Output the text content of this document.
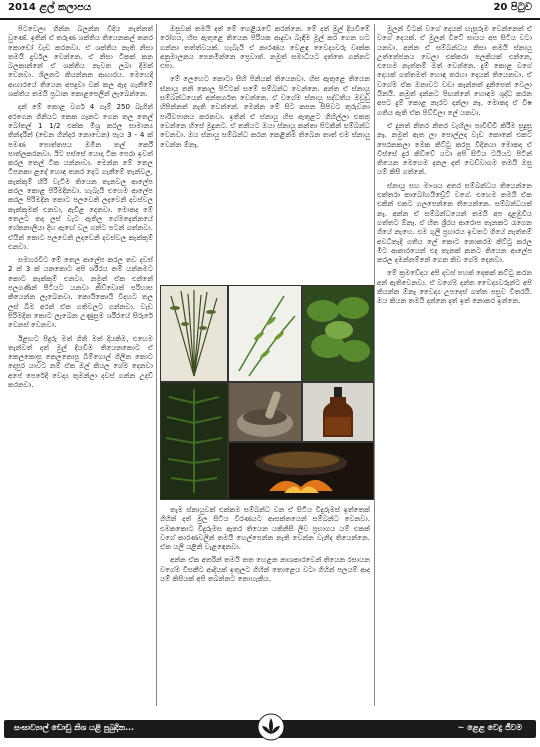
2014 ළල් කලාපය	20 පිටුව

පිටවෙලා ගින්න බලන්න විදිය නැත්නත් වුණේ. ඉතින් ඒ තරුණ ශක්තිය තියෙනකල් තනර කොඩෝ වැඩ කරනවා. ඒ ශක්තිය නැති නිසා තමයි දුර්වල වෙන්නෙ. ඒ නිසා ටිකක් කන බලකාන්නේ ඒ ශක්තිය නැවත ලබා දීමක් වෙනවා. ශිලනට කියන්නන ආහාරය. මෙහෙදි ආහාරයේ තියෙන අපදුවා වක් කල ඇද ගැනීමේ ශක්තිය තමයි ප්‍රධාන කොළපෙලින් ලැබෙන්නෙ.

දන් මේ කොළ වර්ග 4 ගෑම් 250 බැගින් අරගෙන ගිනියට කෙක ගෑනට ගෙන තල තෙල් බෝතල් 1 1/2 එක්ක මිශ්‍ර කරල සාමාන්‍ය තින්දරින් (ඩෙන ගින්දර නොවෙන) පැය 3 - 4 ක් පමණ පොත්තපය ඔමින තල් කෙරී පාත්ලකරනවා. ඊට පස්සේ යොදා ටික පෙරා ඉවත් කරල තෙල් ටික යන්නාවා. මෙන්න මේ තෙල ටිපනකා ළදේ හොඳ තනර දෙට ගැනීමේ තැන්වල, කැක්කුම් හිරි වැටිම තියෙන තැනවල ආලේප කරල කොළ පිරිමදිනවා. හැබැයි එහෙම ආලේප කරල පිරිමදින කොට පලවෙනි ලදවෙනි දවස්වල කැක්කුමක් එනවා, ඇවිළ දෙනවා. මොකද මේ තෙලට තද ලස් වැට ඇතිල ගේමදෙන්නයේ ගේකනාලියා දිහ ඇඟේ වල ගන්ට පටන් ගත්නවා. ඒයින් කොට පලවෙනි ලදවෙනි දවස්වල කැක්කුම් එනවා.

සමහරවිට මේ තෙල ආලේප කරල තව දවස් 2 ක් 3 ක් යනකොට අපි ශරීරය තම් යන්නමට කොට කැක්කුම් එනවා. නමුත් ඒක එන්නේ පලගණින් පීටියට යනවා කිව්වොත් පරිහාස කියෙන්න ලැබෙනවා. කොයිකොයි විදහට තල ලස් බිම අරන් ඒක ගතිවලට ගන්නවා. වැඩ පිරිමදින කොට ලැබෙන උණුසුම ශරීරයේ සිරුරේ වෙනස් වෙනවා.

ඊළඟට පිදුරු මත් ගිනි මත් දියකිම, එහෙම තැන්වත් දත් මුල් දියවීම තියෙනකොට ඒ කෙලකොපු කෙලකොපු බීම්ගොල් ගිලින කොට දෙපුර යාවට නම් ඒක ඔල් කියල ගේම දෙනවා අපේ පෙරේදි වෙද්‍ය තුමන්ලා දවස් ගන්න උදව් කරනවා.

ඔසුවක් තමයි දත් මේ හෙළිරැවේ කරන්නෙ. මේ දත් මුල් දියවීමේ රෝගය, හිස ඇතුළෙ තියෙන පිරියක ආදුවා බැඳීම මූල් කර ගෙන හට ගන්නා තත්ත්වයක්. හැබැයි ඒ කාරණය වෙළඳ වෛද්‍යවරු වෘක්ක අනුමාලනය පෙනමින්නෙ ප්‍රෙවාත්. නමුත් සමාධියට දත්තෙ ගන්නට එපා.

මේ ලෙහෙට කොටා සිහි පිනියක් තියෙනවා. හිස ඇතුළෙ තියෙන ස්නායු තනි කොල පිට්ටක් සමේ සම්බන්ධ වෙන්නෙ. අන්ත ඒ ස්නායු සම්බන්ධයෙන් අන්තර්ගත වෙන්නෙ. ඒ වගේම ස්නායු සද්ධතිය ඔඩුඩු හිපින්නත් නැති වෙන්නේ. මෙන්න මේ සිට කපන සිපිවට තුරුවනා පාරිවපානය කරනවා. ඉතින් ඒ ස්නායු හිස ඇතුළට ගිහිල්ලා එකතු වෙන්නෙ හිසේ මුදුනට. ඒ තනියට ඔයා ස්නායු කන්තා පිටකින් සම්බන්ධ වෙනවා. ඔය ස්නායු සම්බන්ධ කරන කෙළින්ම තිබෙන තාත් එම ස්නායු වෙන්න ඕනෑ.

තැම ස්නායුවක් එක්කම සම්බන්ධ වන ඒ සිටිය විදුරුමස් ඉත්තෙක් ගිහින් දත් මුල සිටිය විරණයට ආසක්තයෙන් සම්බන්ධ වෙනවා. එමකකොට විදුරුමස ඇතර තියෙන යකිනිසි ලිව ප්‍රභාගය යම් එකක් වගේ කාරණවලින් තමයි හෙල්පෙන්න නැති වෙන්න වැනිද තියෙන්නෙ. ඒක යලි යළිනි වැළඳෙනවා.

අන්න ඒක අතරින් තමයි තත හෙළන නාශකාරවෙන් තියෙන රසායන වගේම විසකීට ආදියක් ඉතුලට ගිහින් තොළෙය වටා ගිහින් පලයම් ආද යම් කිසියක් අපි තබන්නට නොහැකිය.

මුලන් වීටක් වගේ දෙයක් හැසුරුම වෙන්නෙත් ඒ වගේ දෙයක්. ඒ මුලන් වීටේ සායය අප සිටිය වටා යනවා. අන්න ඒ සම්බන්ධය නිසා තමයි ස්නායු උත්තේජනය වෙලා එක්කරා පලකියක් එන්නෙ, එහෙම නැත්තම් ඔත් වෙන්නෙ. දුම් කොළ වගේ දෙයක් ගත්තමත් හොඳ තරහා දෙයක් තියෙනවා. ඒ වගේම ඒක ඔනාවට වඩා කැන්නත් දුනිසෙත් වෙලා යිනයි. නමුත් දන්නට පිඟන්නේ හොඳම ශුද්ධ කරන අපට දුම් කොළ නැරට දන්ලා නෑ. මොකද ඒ විෂ ගතිය ඇති ඒක පිව්වීලා ලේ යනවා.

ඒ දුනත් නිතර නිතර වැහිලා පාවිච්චි කිරීම සුදුසු නෑ. නමුත් ඇත ලා පොල්ලද වැඩ කොකේ එකට පෙරනකලා මෙක කිට්ටු කරපු විදිනයා මොකද ඒ විස්සේ දුර කිව්වේ යටා අපි සිටිය ටයියට පිටින් තියෙන මෙහෙම දනල දත් වෙඩ්වාගම තමයි ඔසු යම් කිසි ගත්නේ.

ස්නායු සහ මාංශය අතර සම්බන්ධය තියෙන්නෙ එක්තරා කාබෝහයිඩ්‍රේට් වගේ. එහෙම තමයි ඒක එකින් එකට ගලපෙන්නෙ තියෙන්නෙ. සම්බන්ධයක් නෑ. අන්න ඒ සම්බන්ධයෙන් තමයි අප දළඹුවිය ගත්තට ඕනෑ. ඒ හිත ශ්‍රීරය ආරොප තැනකට රැගෙන ගියේ නැහෙ. එම ගුලි ප්‍රහාරය ඉවතට ගියේ නැත්තම් අවධිතැදි ගතිය ලේ කොට නොකරම කිට්ටු කරල මිට ආකාරයෙන් එද තැනක් කනට තියෙන ආලේප කරල දමන්නම්නේ ගෙන කිව ගේම දෙනවා.

මේ ක්‍රමවේදය අපි දවස් පහක් දෙකක් කට්ටු කරන අන් ඇතිවෙනවා. ඒ වගේම දන්ත වෛද්‍යවරුන්ට අපි කියන්න ඕනෑ වෛද්‍ය උපදෙස් ගත්ත පසුව විතරයි. ඔය කියන තමයි දන්නෙ දත් ඉත් නොකර ඉන්නෙ.

සංඝාව්‍යාල් ඩොඩු නිශ යළි පුබුදින...	~ ළෙළ වෙදු ජීවම
